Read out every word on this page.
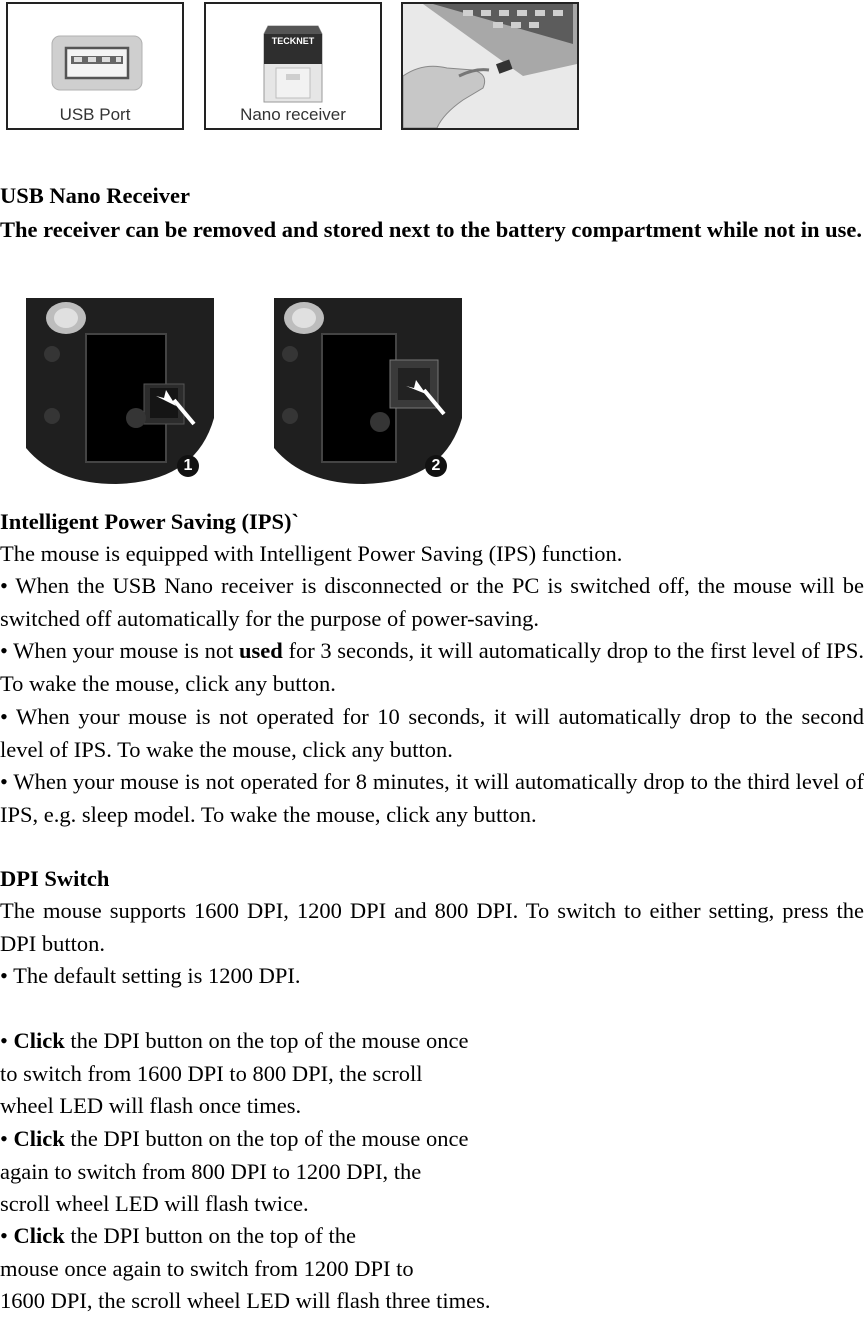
USB Port
TECKNET
Nano receiver

USB Nano Receiver

The receiver can be removed and stored next to the battery compartment while not in use.

1	2

Intelligent Power Saving (IPS)`

The mouse is equipped with Intelligent Power Saving (IPS) function.

• When the USB Nano receiver is disconnected or the PC is switched off, the mouse will be switched off automatically for the purpose of power-saving.

• When your mouse is not used for 3 seconds, it will automatically drop to the first level of IPS. To wake the mouse, click any button.

• When your mouse is not operated for 10 seconds, it will automatically drop to the second level of IPS. To wake the mouse, click any button.

• When your mouse is not operated for 8 minutes, it will automatically drop to the third level of IPS, e.g. sleep model. To wake the mouse, click any button.

DPI Switch

The mouse supports 1600 DPI, 1200 DPI and 800 DPI. To switch to either setting, press the DPI button.

• The default setting is 1200 DPI.

• Click the DPI button on the top of the mouse once

to switch from 1600 DPI to 800 DPI, the scroll

wheel LED will flash once times.

• Click the DPI button on the top of the mouse once

again to switch from 800 DPI to 1200 DPI, the

scroll wheel LED will flash twice.

• Click the DPI button on the top of the

mouse once again to switch from 1200 DPI to

1600 DPI, the scroll wheel LED will flash three times.
